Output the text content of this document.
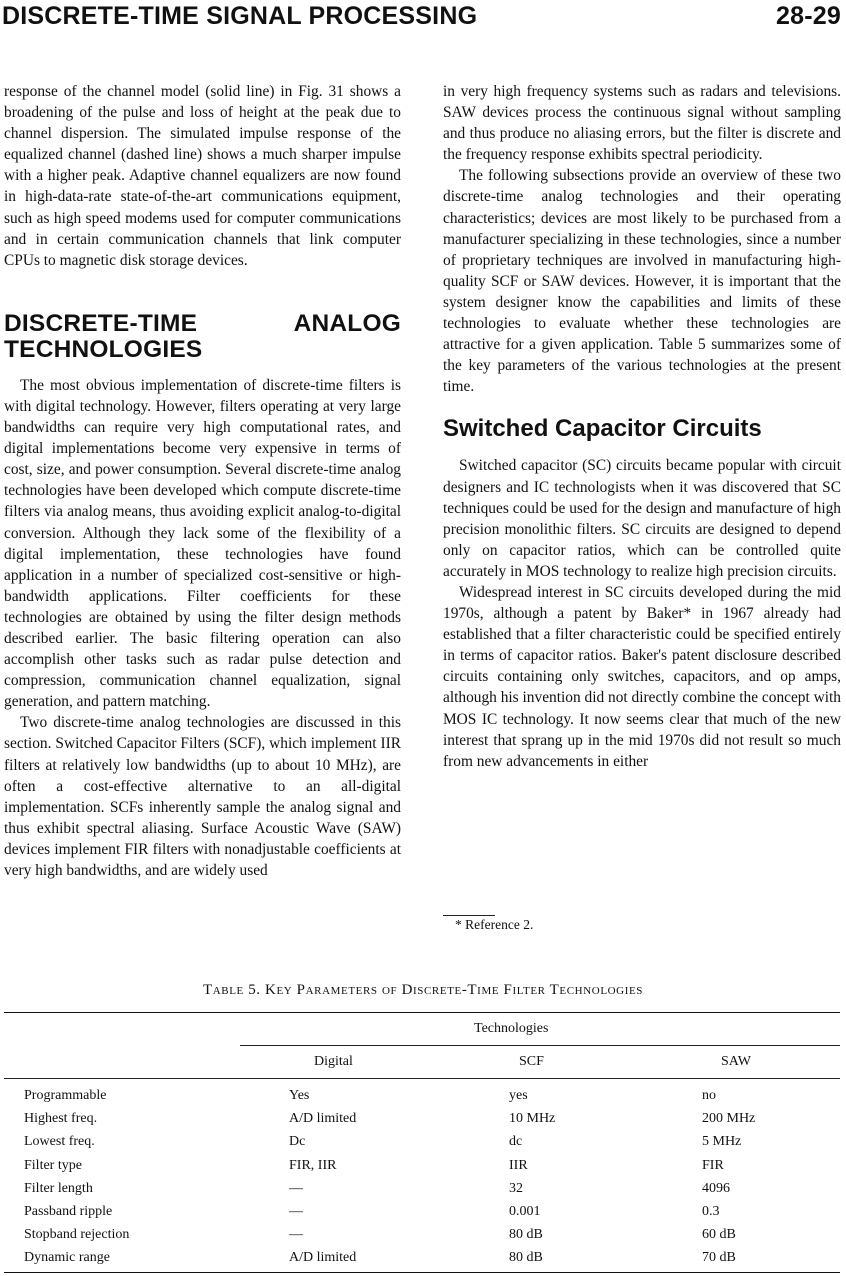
DISCRETE-TIME SIGNAL PROCESSING	28-29

response of the channel model (solid line) in Fig. 31 shows a broadening of the pulse and loss of height at the peak due to channel dispersion. The simulated impulse response of the equalized channel (dashed line) shows a much sharper impulse with a higher peak. Adaptive channel equalizers are now found in high-data-rate state-of-the-art communications equipment, such as high speed modems used for computer communications and in certain communication channels that link computer CPUs to magnetic disk storage devices.

DISCRETE-TIME ANALOG TECHNOLOGIES

The most obvious implementation of discrete-time filters is with digital technology. However, filters operating at very large bandwidths can require very high computational rates, and digital implementations become very expensive in terms of cost, size, and power consumption. Several discrete-time analog technologies have been developed which compute discrete-time filters via analog means, thus avoiding explicit analog-to-digital conversion. Although they lack some of the flexibility of a digital implementation, these technologies have found application in a number of specialized cost-sensitive or high-bandwidth applications. Filter coefficients for these technologies are obtained by using the filter design methods described earlier. The basic filtering operation can also accomplish other tasks such as radar pulse detection and compression, communication channel equalization, signal generation, and pattern matching.

Two discrete-time analog technologies are discussed in this section. Switched Capacitor Filters (SCF), which implement IIR filters at relatively low bandwidths (up to about 10 MHz), are often a cost-effective alternative to an all-digital implementation. SCFs inherently sample the analog signal and thus exhibit spectral aliasing. Surface Acoustic Wave (SAW) devices implement FIR filters with nonadjustable coefficients at very high bandwidths, and are widely used

in very high frequency systems such as radars and televisions. SAW devices process the continuous signal without sampling and thus produce no aliasing errors, but the filter is discrete and the frequency response exhibits spectral periodicity.

The following subsections provide an overview of these two discrete-time analog technologies and their operating characteristics; devices are most likely to be purchased from a manufacturer specializing in these technologies, since a number of proprietary techniques are involved in manufacturing high-quality SCF or SAW devices. However, it is important that the system designer know the capabilities and limits of these technologies to evaluate whether these technologies are attractive for a given application. Table 5 summarizes some of the key parameters of the various technologies at the present time.

Switched Capacitor Circuits

Switched capacitor (SC) circuits became popular with circuit designers and IC technologists when it was discovered that SC techniques could be used for the design and manufacture of high precision monolithic filters. SC circuits are designed to depend only on capacitor ratios, which can be controlled quite accurately in MOS technology to realize high precision circuits.

Widespread interest in SC circuits developed during the mid 1970s, although a patent by Baker* in 1967 already had established that a filter characteristic could be specified entirely in terms of capacitor ratios. Baker's patent disclosure described circuits containing only switches, capacitors, and op amps, although his invention did not directly combine the concept with MOS IC technology. It now seems clear that much of the new interest that sprang up in the mid 1970s did not result so much from new advancements in either

* Reference 2.
Table 5. Key Parameters of Discrete-Time Filter Technologies
Technologies
Digital	SCF	SAW
Programmable	Yes	yes	no
Highest freq.	A/D limited	10 MHz	200 MHz
Lowest freq.	Dc	dc	5 MHz
Filter type	FIR, IIR	IIR	FIR
Filter length	—	32	4096
Passband ripple	—	0.001	0.3
Stopband rejection	—	80 dB	60 dB
Dynamic range	A/D limited	80 dB	70 dB
